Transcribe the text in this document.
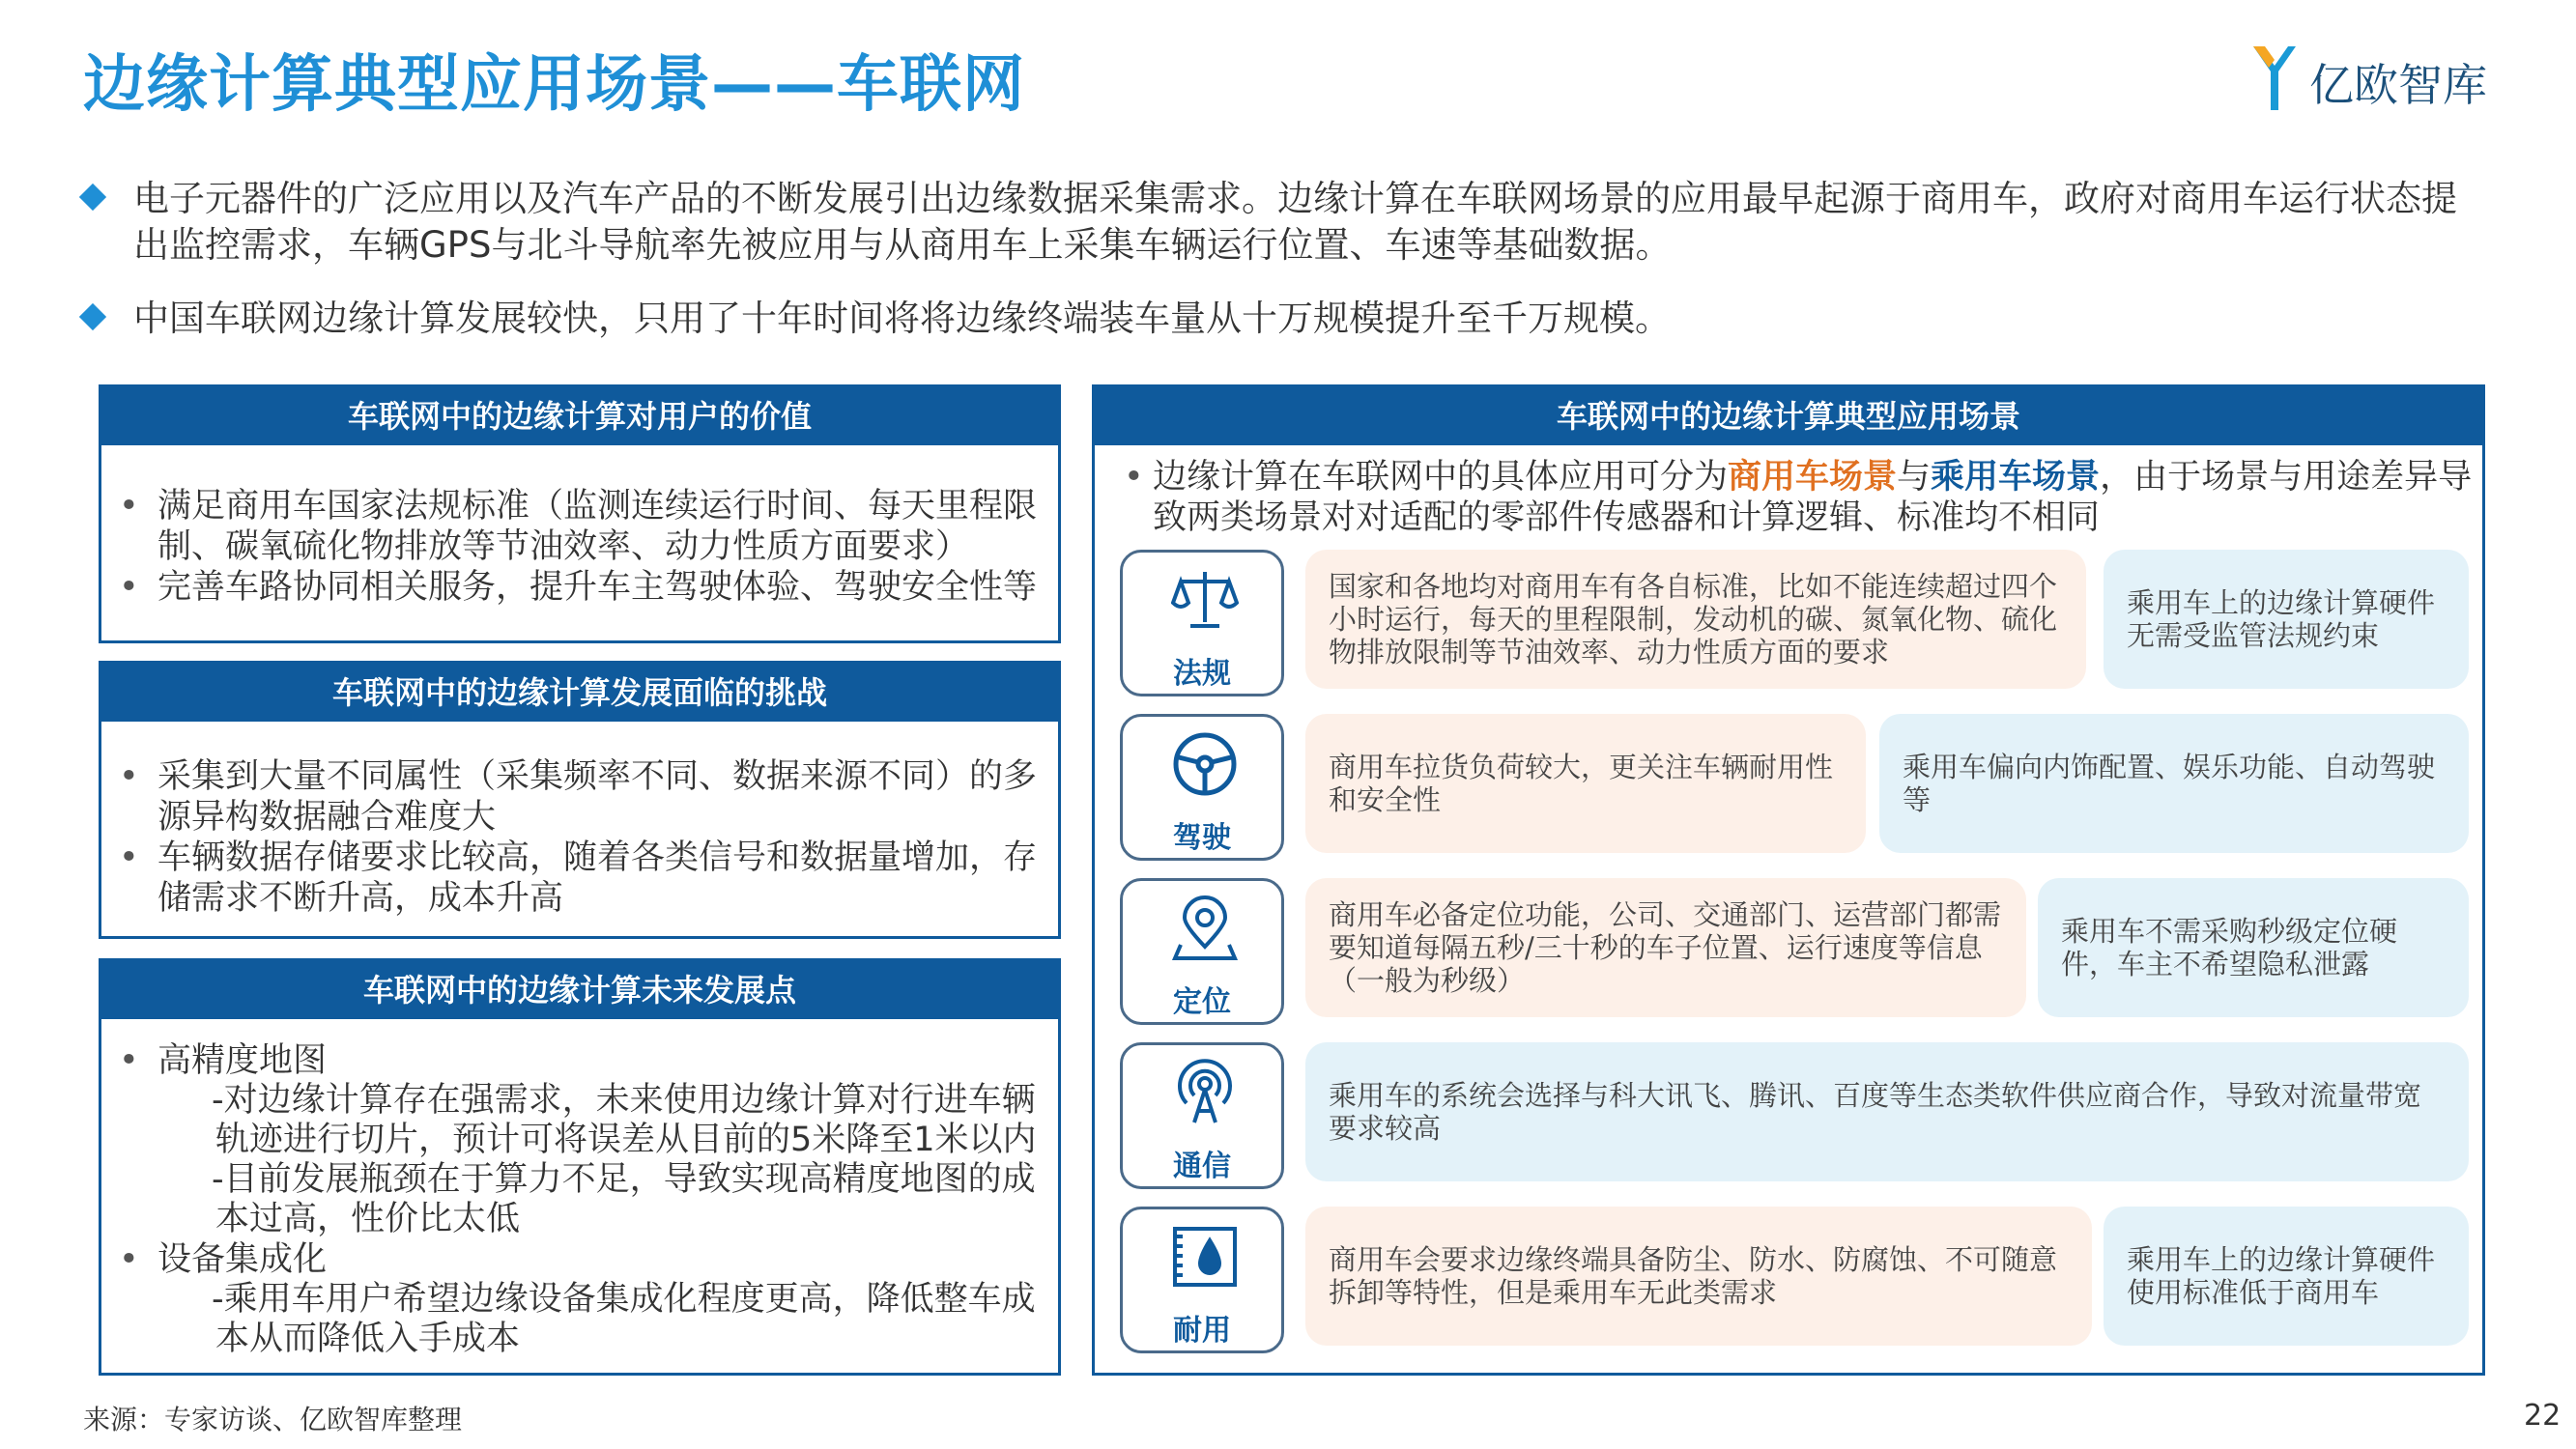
边缘计算典型应用场景——车联网	亿欧智库
电子元器件的广泛应用以及汽车产品的不断发展引出边缘数据采集需求。边缘计算在车联网场景的应用最早起源于商用车，政府对商用车运行状态提出监控需求，车辆GPS与北斗导航率先被应用与从商用车上采集车辆运行位置、车速等基础数据。
中国车联网边缘计算发展较快，只用了十年时间将将边缘终端装车量从十万规模提升至千万规模。
车联网中的边缘计算对用户的价值
• 满足商用车国家法规标准（监测连续运行时间、每天里程限制、碳氧硫化物排放等节油效率、动力性质方面要求）
• 完善车路协同相关服务，提升车主驾驶体验、驾驶安全性等
车联网中的边缘计算发展面临的挑战
• 采集到大量不同属性（采集频率不同、数据来源不同）的多源异构数据融合难度大
• 车辆数据存储要求比较高，随着各类信号和数据量增加，存储需求不断升高，成本升高
车联网中的边缘计算未来发展点
• 高精度地图
-对边缘计算存在强需求，未来使用边缘计算对行进车辆轨迹进行切片，预计可将误差从目前的5米降至1米以内
-目前发展瓶颈在于算力不足，导致实现高精度地图的成本过高，性价比太低
• 设备集成化
-乘用车用户希望边缘设备集成化程度更高，降低整车成本从而降低入手成本
车联网中的边缘计算典型应用场景
• 边缘计算在车联网中的具体应用可分为商用车场景与乘用车场景，由于场景与用途差异导致两类场景对对适配的零部件传感器和计算逻辑、标准均不相同
法规
国家和各地均对商用车有各自标准，比如不能连续超过四个小时运行，每天的里程限制，发动机的碳、氮氧化物、硫化物排放限制等节油效率、动力性质方面的要求
乘用车上的边缘计算硬件无需受监管法规约束
驾驶
商用车拉货负荷较大，更关注车辆耐用性和安全性
乘用车偏向内饰配置、娱乐功能、自动驾驶等
定位
商用车必备定位功能，公司、交通部门、运营部门都需要知道每隔五秒/三十秒的车子位置、运行速度等信息（一般为秒级）
乘用车不需采购秒级定位硬件，车主不希望隐私泄露
通信
乘用车的系统会选择与科大讯飞、腾讯、百度等生态类软件供应商合作，导致对流量带宽要求较高
耐用
商用车会要求边缘终端具备防尘、防水、防腐蚀、不可随意拆卸等特性，但是乘用车无此类需求
乘用车上的边缘计算硬件使用标准低于商用车
来源：专家访谈、亿欧智库整理	22
